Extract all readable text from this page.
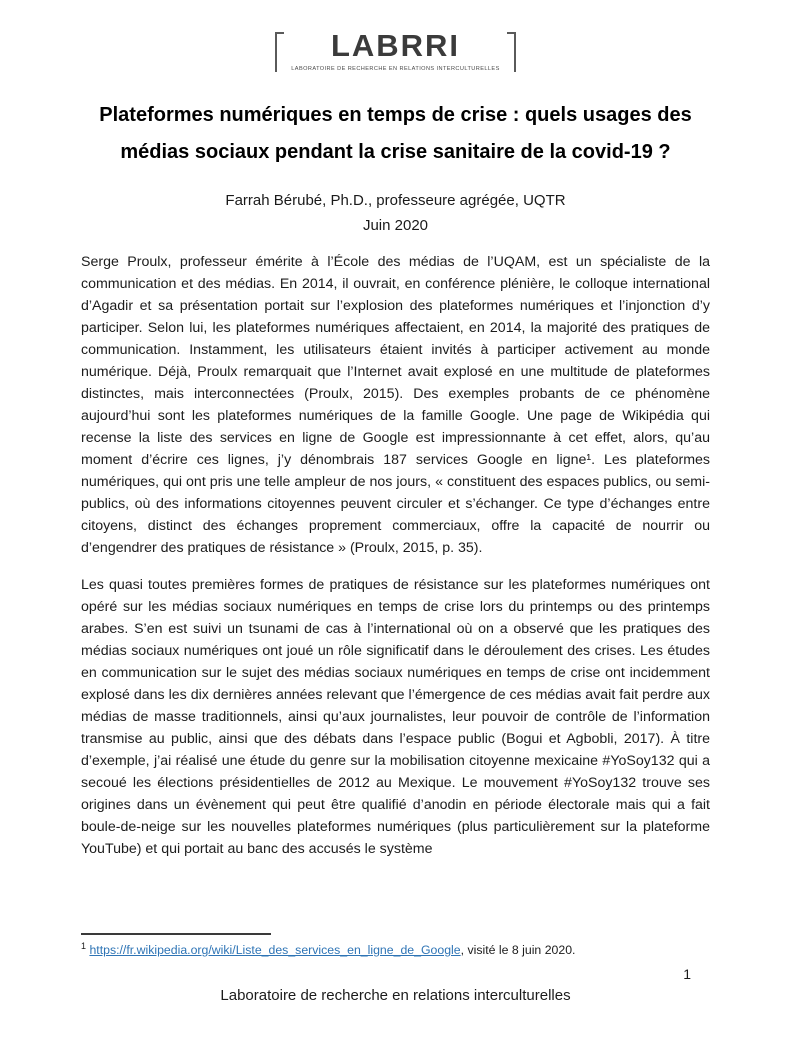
LABRRI
LABORATOIRE DE RECHERCHE EN RELATIONS INTERCULTURELLES
Plateformes numériques en temps de crise : quels usages des
médias sociaux pendant la crise sanitaire de la covid-19 ?
Farrah Bérubé, Ph.D., professeure agrégée, UQTR
Juin 2020

Serge Proulx, professeur émérite à l’École des médias de l’UQAM, est un spécialiste de la communication et des médias. En 2014, il ouvrait, en conférence plénière, le colloque international d’Agadir et sa présentation portait sur l’explosion des plateformes numériques et l’injonction d’y participer. Selon lui, les plateformes numériques affectaient, en 2014, la majorité des pratiques de communication. Instamment, les utilisateurs étaient invités à participer activement au monde numérique. Déjà, Proulx remarquait que l’Internet avait explosé en une multitude de plateformes distinctes, mais interconnectées (Proulx, 2015). Des exemples probants de ce phénomène aujourd’hui sont les plateformes numériques de la famille Google. Une page de Wikipédia qui recense la liste des services en ligne de Google est impressionnante à cet effet, alors, qu’au moment d’écrire ces lignes, j’y dénombrais 187 services Google en ligne¹. Les plateformes numériques, qui ont pris une telle ampleur de nos jours, « constituent des espaces publics, ou semi-publics, où des informations citoyennes peuvent circuler et s’échanger. Ce type d’échanges entre citoyens, distinct des échanges proprement commerciaux, offre la capacité de nourrir ou d’engendrer des pratiques de résistance » (Proulx, 2015, p. 35).

Les quasi toutes premières formes de pratiques de résistance sur les plateformes numériques ont opéré sur les médias sociaux numériques en temps de crise lors du printemps ou des printemps arabes. S’en est suivi un tsunami de cas à l’international où on a observé que les pratiques des médias sociaux numériques ont joué un rôle significatif dans le déroulement des crises. Les études en communication sur le sujet des médias sociaux numériques en temps de crise ont incidemment explosé dans les dix dernières années relevant que l’émergence de ces médias avait fait perdre aux médias de masse traditionnels, ainsi qu’aux journalistes, leur pouvoir de contrôle de l’information transmise au public, ainsi que des débats dans l’espace public (Bogui et Agbobli, 2017). À titre d’exemple, j’ai réalisé une étude du genre sur la mobilisation citoyenne mexicaine #YoSoy132 qui a secoué les élections présidentielles de 2012 au Mexique. Le mouvement #YoSoy132 trouve ses origines dans un évènement qui peut être qualifié d’anodin en période électorale mais qui a fait boule-de-neige sur les nouvelles plateformes numériques (plus particulièrement sur la plateforme YouTube) et qui portait au banc des accusés le système

$^1$ https://fr.wikipedia.org/wiki/Liste_des_services_en_ligne_de_Google, visité le 8 juin 2020.
1
Laboratoire de recherche en relations interculturelles
